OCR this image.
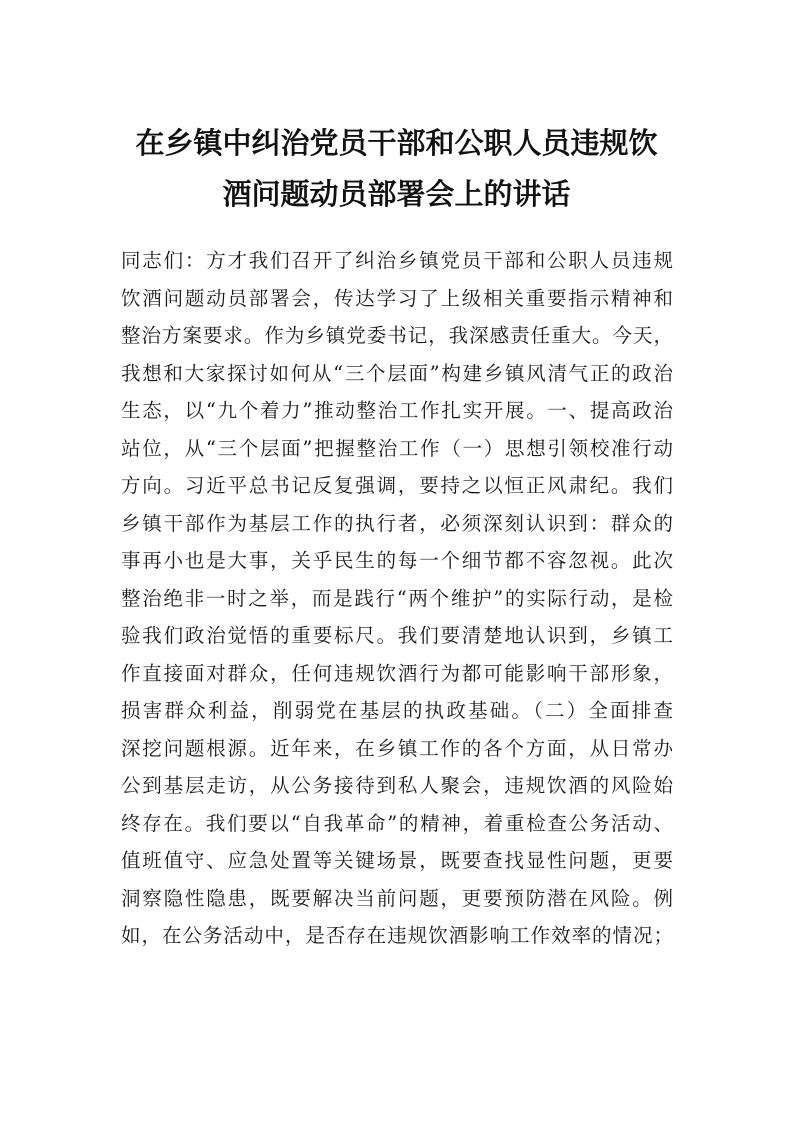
在乡镇中纠治党员干部和公职人员违规饮
酒问题动员部署会上的讲话
同志们：方才我们召开了纠治乡镇党员干部和公职人员违规
饮酒问题动员部署会，传达学习了上级相关重要指示精神和
整治方案要求。作为乡镇党委书记，我深感责任重大。今天，
我想和大家探讨如何从“三个层面”构建乡镇风清气正的政治
生态，以“九个着力”推动整治工作扎实开展。一、提高政治
站位，从“三个层面”把握整治工作（一）思想引领校准行动
方向。习近平总书记反复强调，要持之以恒正风肃纪。我们
乡镇干部作为基层工作的执行者，必须深刻认识到：群众的
事再小也是大事，关乎民生的每一个细节都不容忽视。此次
整治绝非一时之举，而是践行“两个维护”的实际行动，是检
验我们政治觉悟的重要标尺。我们要清楚地认识到，乡镇工
作直接面对群众，任何违规饮酒行为都可能影响干部形象，
损害群众利益，削弱党在基层的执政基础。（二）全面排查
深挖问题根源。近年来，在乡镇工作的各个方面，从日常办
公到基层走访，从公务接待到私人聚会，违规饮酒的风险始
终存在。我们要以“自我革命”的精神，着重检查公务活动、
值班值守、应急处置等关键场景，既要查找显性问题，更要
洞察隐性隐患，既要解决当前问题，更要预防潜在风险。例
如，在公务活动中，是否存在违规饮酒影响工作效率的情况；
